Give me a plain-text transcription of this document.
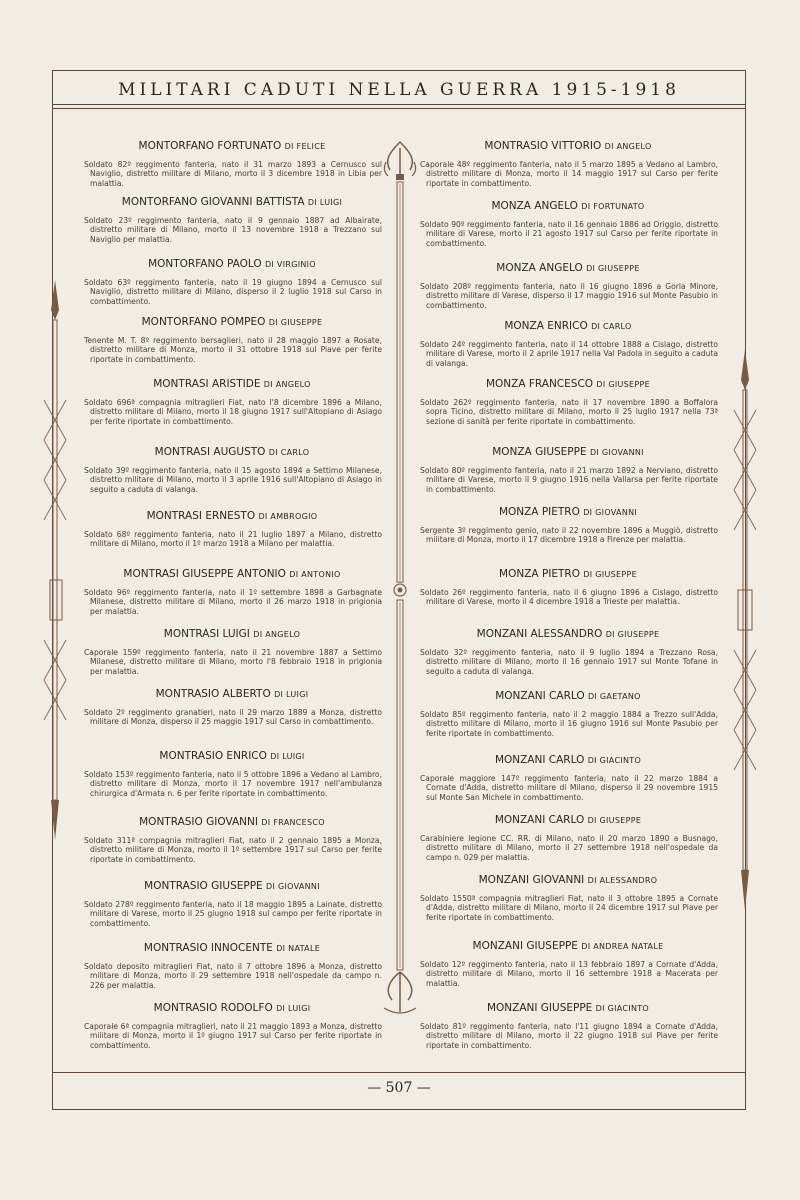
MILITARI CADUTI NELLA GUERRA 1915-1918
— 507 —
MONTORFANO FORTUNATO DI FELICE
Soldato 82º reggimento fanteria, nato il 31 marzo 1893 a Cernusco sul Naviglio, distretto militare di Milano, morto il 3 dicembre 1918 in Libia per malattia.
MONTORFANO GIOVANNI BATTISTA DI LUIGI
Soldato 23º reggimento fanteria, nato il 9 gennaio 1887 ad Albairate, distretto militare di Milano, morto il 13 novembre 1918 a Trezzano sul Naviglio per malattia.
MONTORFANO PAOLO DI VIRGINIO
Soldato 63º reggimento fanteria, nato il 19 giugno 1894 a Cernusco sul Naviglio, distretto militare di Milano, disperso il 2 luglio 1918 sul Carso in combattimento.
MONTORFANO POMPEO DI GIUSEPPE
Tenente M. T. 8º reggimento bersaglieri, nato il 28 maggio 1897 a Rosate, distretto militare di Monza, morto il 31 ottobre 1918 sul Piave per ferite riportate in combattimento.
MONTRASI ARISTIDE DI ANGELO
Soldato 696ª compagnia mitraglieri Fiat, nato l'8 dicembre 1896 a Milano, distretto militare di Milano, morto il 18 giugno 1917 sull'Altopiano di Asiago per ferite riportate in combattimento.
MONTRASI AUGUSTO DI CARLO
Soldato 39º reggimento fanteria, nato il 15 agosto 1894 a Settimo Milanese, distretto militare di Milano, morto il 3 aprile 1916 sull'Altopiano di Asiago in seguito a caduta di valanga.
MONTRASI ERNESTO DI AMBROGIO
Soldato 68º reggimento fanteria, nato il 21 luglio 1897 a Milano, distretto militare di Milano, morto il 1º marzo 1918 a Milano per malattia.
MONTRASI GIUSEPPE ANTONIO DI ANTONIO
Soldato 96º reggimento fanteria, nato il 1º settembre 1898 a Garbagnate Milanese, distretto militare di Milano, morto il 26 marzo 1918 in prigionia per malattia.
MONTRASI LUIGI DI ANGELO
Caporale 159º reggimento fanteria, nato il 21 novembre 1887 a Settimo Milanese, distretto militare di Milano, morto l'8 febbraio 1918 in prigionia per malattia.
MONTRASIO ALBERTO DI LUIGI
Soldato 2º reggimento granatieri, nato il 29 marzo 1889 a Monza, distretto militare di Monza, disperso il 25 maggio 1917 sul Carso in combattimento.
MONTRASIO ENRICO DI LUIGI
Soldato 153º reggimento fanteria, nato il 5 ottobre 1896 a Vedano al Lambro, distretto militare di Monza, morto il 17 novembre 1917 nell'ambulanza chirurgica d'Armata n. 6 per ferite riportate in combattimento.
MONTRASIO GIOVANNI DI FRANCESCO
Soldato 311ª compagnia mitraglieri Fiat, nato il 2 gennaio 1895 a Monza, distretto militare di Monza, morto il 1º settembre 1917 sul Carso per ferite riportate in combattimento.
MONTRASIO GIUSEPPE DI GIOVANNI
Soldato 278º reggimento fanteria, nato il 18 maggio 1895 a Lainate, distretto militare di Varese, morto il 25 giugno 1918 sul campo per ferite riportate in combattimento.
MONTRASIO INNOCENTE DI NATALE
Soldato deposito mitraglieri Fiat, nato il 7 ottobre 1896 a Monza, distretto militare di Monza, morto il 29 settembre 1918 nell'ospedale da campo n. 226 per malattia.
MONTRASIO RODOLFO DI LUIGI
Caporale 6ª compagnia mitraglieri, nato il 21 maggio 1893 a Monza, distretto militare di Monza, morto il 1º giugno 1917 sul Carso per ferite riportate in combattimento.
MONTRASIO VITTORIO DI ANGELO
Caporale 48º reggimento fanteria, nato il 5 marzo 1895 a Vedano al Lambro, distretto militare di Monza, morto il 14 maggio 1917 sul Carso per ferite riportate in combattimento.
MONZA ANGELO DI FORTUNATO
Soldato 90º reggimento fanteria, nato il 16 gennaio 1886 ad Origgio, distretto militare di Varese, morto il 21 agosto 1917 sul Carso per ferite riportate in combattimento.
MONZA ANGELO DI GIUSEPPE
Soldato 208º reggimento fanteria, nato il 16 giugno 1896 a Gorla Minore, distretto militare di Varese, disperso il 17 maggio 1916 sul Monte Pasubio in combattimento.
MONZA ENRICO DI CARLO
Soldato 24º reggimento fanteria, nato il 14 ottobre 1888 a Cislago, distretto militare di Varese, morto il 2 aprile 1917 nella Val Padola in seguito a caduta di valanga.
MONZA FRANCESCO DI GIUSEPPE
Soldato 262º reggimento fanteria, nato il 17 novembre 1890 a Boffalora sopra Ticino, distretto militare di Milano, morto il 25 luglio 1917 nella 73ª sezione di sanità per ferite riportate in combattimento.
MONZA GIUSEPPE DI GIOVANNI
Soldato 80º reggimento fanteria, nato il 21 marzo 1892 a Nerviano, distretto militare di Varese, morto il 9 giugno 1916 nella Vallarsa per ferite riportate in combattimento.
MONZA PIETRO DI GIOVANNI
Sergente 3º reggimento genio, nato il 22 novembre 1896 a Muggiò, distretto militare di Monza, morto il 17 dicembre 1918 a Firenze per malattia.
MONZA PIETRO DI GIUSEPPE
Soldato 26º reggimento fanteria, nato il 6 giugno 1896 a Cislago, distretto militare di Varese, morto il 4 dicembre 1918 a Trieste per malattia.
MONZANI ALESSANDRO DI GIUSEPPE
Soldato 32º reggimento fanteria, nato il 9 luglio 1894 a Trezzano Rosa, distretto militare di Milano, morto il 16 gennaio 1917 sul Monte Tofane in seguito a caduta di valanga.
MONZANI CARLO DI GAETANO
Soldato 85º reggimento fanteria, nato il 2 maggio 1884 a Trezzo sull'Adda, distretto militare di Milano, morto il 16 giugno 1916 sul Monte Pasubio per ferite riportate in combattimento.
MONZANI CARLO DI GIACINTO
Caporale maggiore 147º reggimento fanteria, nato il 22 marzo 1884 a Cornate d'Adda, distretto militare di Milano, disperso il 29 novembre 1915 sul Monte San Michele in combattimento.
MONZANI CARLO DI GIUSEPPE
Carabiniere legione CC. RR. di Milano, nato il 20 marzo 1890 a Busnago, distretto militare di Milano, morto il 27 settembre 1918 nell'ospedale da campo n. 029 per malattia.
MONZANI GIOVANNI DI ALESSANDRO
Soldato 1550ª compagnia mitraglieri Fiat, nato il 3 ottobre 1895 a Cornate d'Adda, distretto militare di Milano, morto il 24 dicembre 1917 sul Piave per ferite riportate in combattimento.
MONZANI GIUSEPPE DI ANDREA NATALE
Soldato 12º reggimento fanteria, nato il 13 febbraio 1897 a Cornate d'Adda, distretto militare di Milano, morto il 16 settembre 1918 a Macerata per malattia.
MONZANI GIUSEPPE DI GIACINTO
Soldato 81º reggimento fanteria, nato l'11 giugno 1894 a Cornate d'Adda, distretto militare di Milano, morto il 22 giugno 1918 sul Piave per ferite riportate in combattimento.
